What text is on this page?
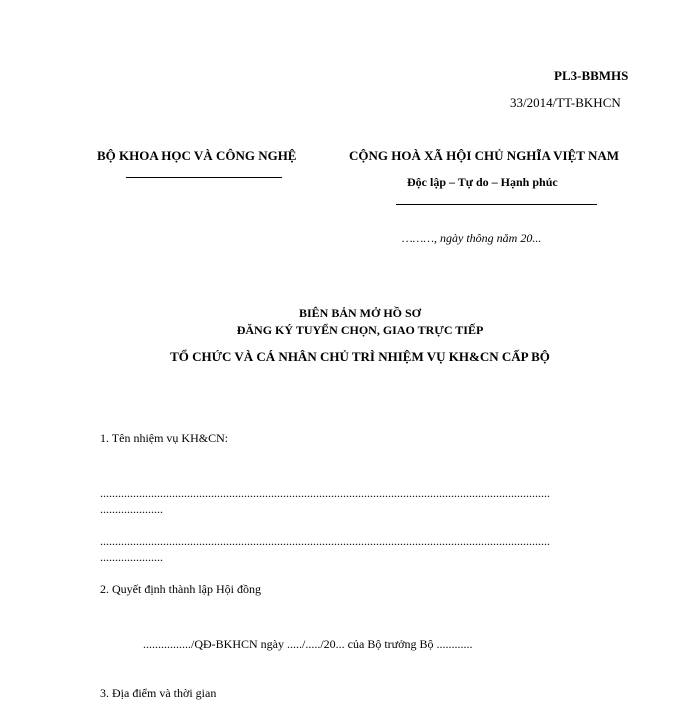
PL3-BBMHS
33/2014/TT-BKHCN
BỘ KHOA HỌC VÀ CÔNG NGHỆ	CỘNG HOÀ XÃ HỘI CHỦ NGHĨA VIỆT NAM
Độc lập – Tự do – Hạnh phúc
………, ngày thông năm 20...
BIÊN BẢN MỞ HỒ SƠ
ĐĂNG KÝ TUYỂN CHỌN, GIAO TRỰC TIẾP
TỔ CHỨC VÀ CÁ NHÂN CHỦ TRÌ NHIỆM VỤ KH&CN CẤP BỘ
1. Tên nhiệm vụ KH&CN:
......................................................................................................................................................
.....................
......................................................................................................................................................
.....................
2. Quyết định thành lập Hội đồng
................/QĐ-BKHCN ngày ...../...../20... của Bộ trưởng Bộ ............
3. Địa điểm và thời gian
